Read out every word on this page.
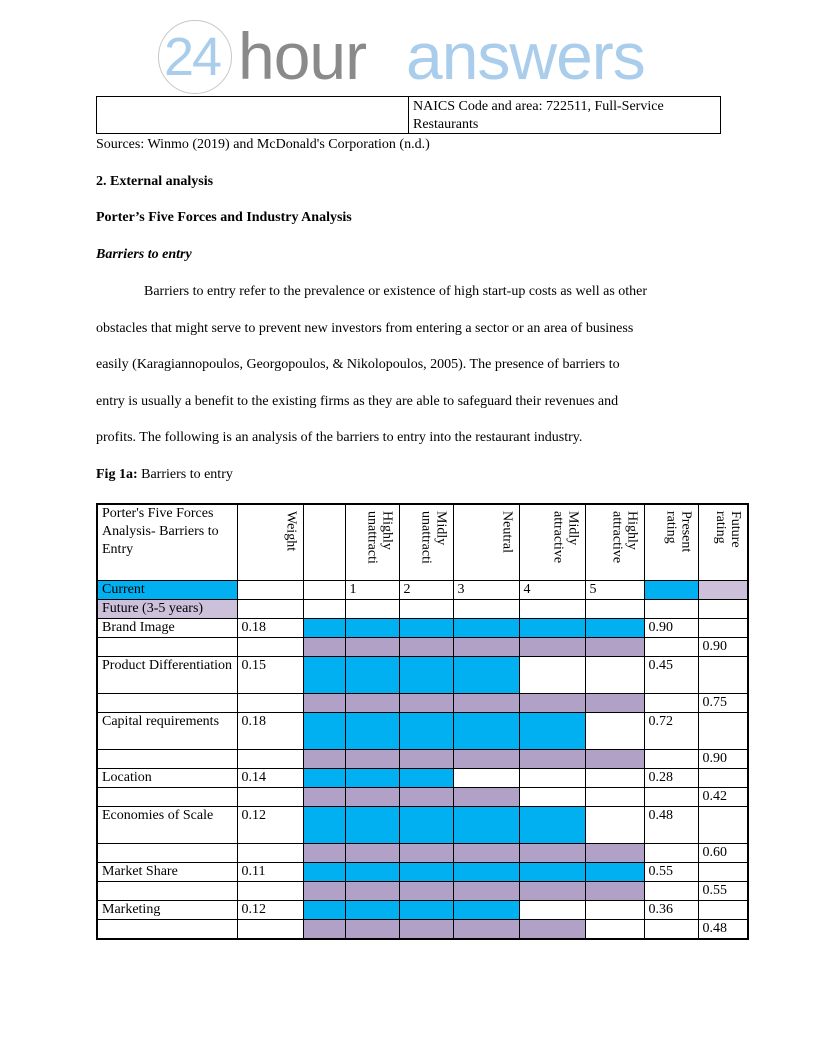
24 hour answers
NAICS Code and area: 722511, Full-Service Restaurants
Sources: Winmo (2019) and McDonald's Corporation (n.d.)
2. External analysis
Porter’s Five Forces and Industry Analysis
Barriers to entry
Barriers to entry refer to the prevalence or existence of high start-up costs as well as other
obstacles that might serve to prevent new investors from entering a sector or an area of business
easily (Karagiannopoulos, Georgopoulos, & Nikolopoulos, 2005). The presence of barriers to
entry is usually a benefit to the existing firms as they are able to safeguard their revenues and
profits. The following is an analysis of the barriers to entry into the restaurant industry.
Fig 1a: Barriers to entry
Porter's Five Forces Analysis- Barriers to Entry	Weight		Highly unattracti	Midly unattracti	Neutral	Midly attractive	Highly attractive	Present rating	Future rating
Current			1	2	3	4	5		
Future (3-5 years)									
Brand Image	0.18							0.90	
									0.90
Product Differentiation	0.15							0.45	
									0.75
Capital requirements	0.18							0.72	
									0.90
Location	0.14							0.28	
									0.42
Economies of Scale	0.12							0.48	
									0.60
Market Share	0.11							0.55	
									0.55
Marketing	0.12							0.36	
									0.48
